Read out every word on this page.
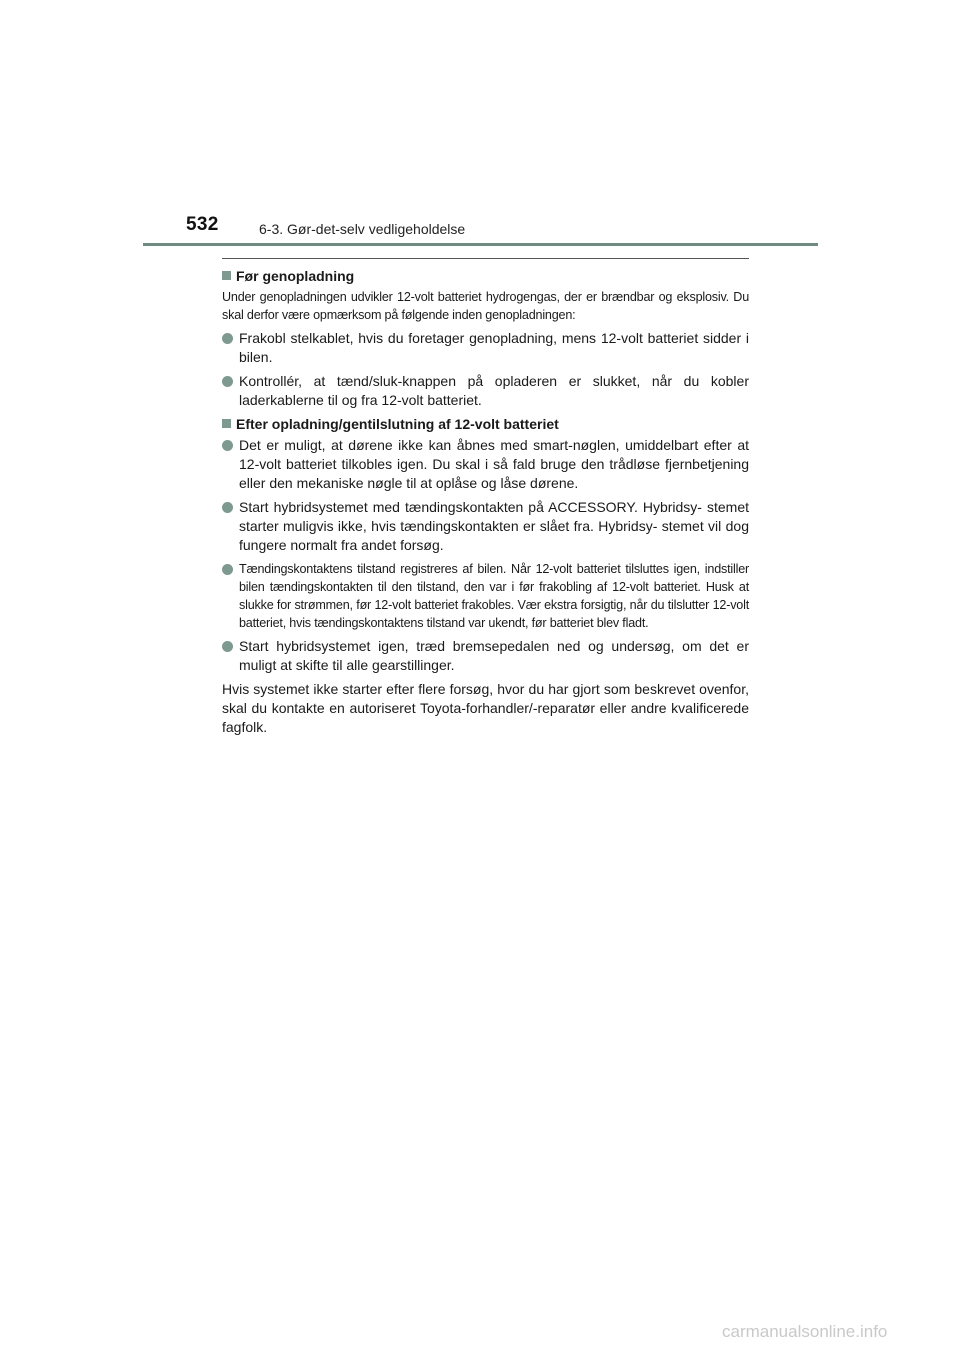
532	6-3. Gør-det-selv vedligeholdelse
Før genopladning
Under genopladningen udvikler 12-volt batteriet hydrogengas, der er brændbar og eksplosiv. Du skal derfor være opmærksom på følgende inden genopladningen:
Frakobl stelkablet, hvis du foretager genopladning, mens 12-volt batteriet sidder i bilen.
Kontrollér, at tænd/sluk-knappen på opladeren er slukket, når du kobler laderkablerne til og fra 12-volt batteriet.
Efter opladning/gentilslutning af 12-volt batteriet
Det er muligt, at dørene ikke kan åbnes med smart-nøglen, umiddelbart efter at 12-volt batteriet tilkobles igen. Du skal i så fald bruge den trådløse fjernbetjening eller den mekaniske nøgle til at oplåse og låse dørene.
Start hybridsystemet med tændingskontakten på ACCESSORY. Hybridsy- stemet starter muligvis ikke, hvis tændingskontakten er slået fra. Hybridsy- stemet vil dog fungere normalt fra andet forsøg.
Tændingskontaktens tilstand registreres af bilen. Når 12-volt batteriet tilsluttes igen, indstiller bilen tændingskontakten til den tilstand, den var i før frakobling af 12-volt batteriet. Husk at slukke for strømmen, før 12-volt batteriet frakobles. Vær ekstra forsigtig, når du tilslutter 12-volt batteriet, hvis tændingskontaktens tilstand var ukendt, før batteriet blev fladt.
Start hybridsystemet igen, træd bremsepedalen ned og undersøg, om det er muligt at skifte til alle gearstillinger.
Hvis systemet ikke starter efter flere forsøg, hvor du har gjort som beskrevet ovenfor, skal du kontakte en autoriseret Toyota-forhandler/-reparatør eller andre kvalificerede fagfolk.
carmanualsonline.info
